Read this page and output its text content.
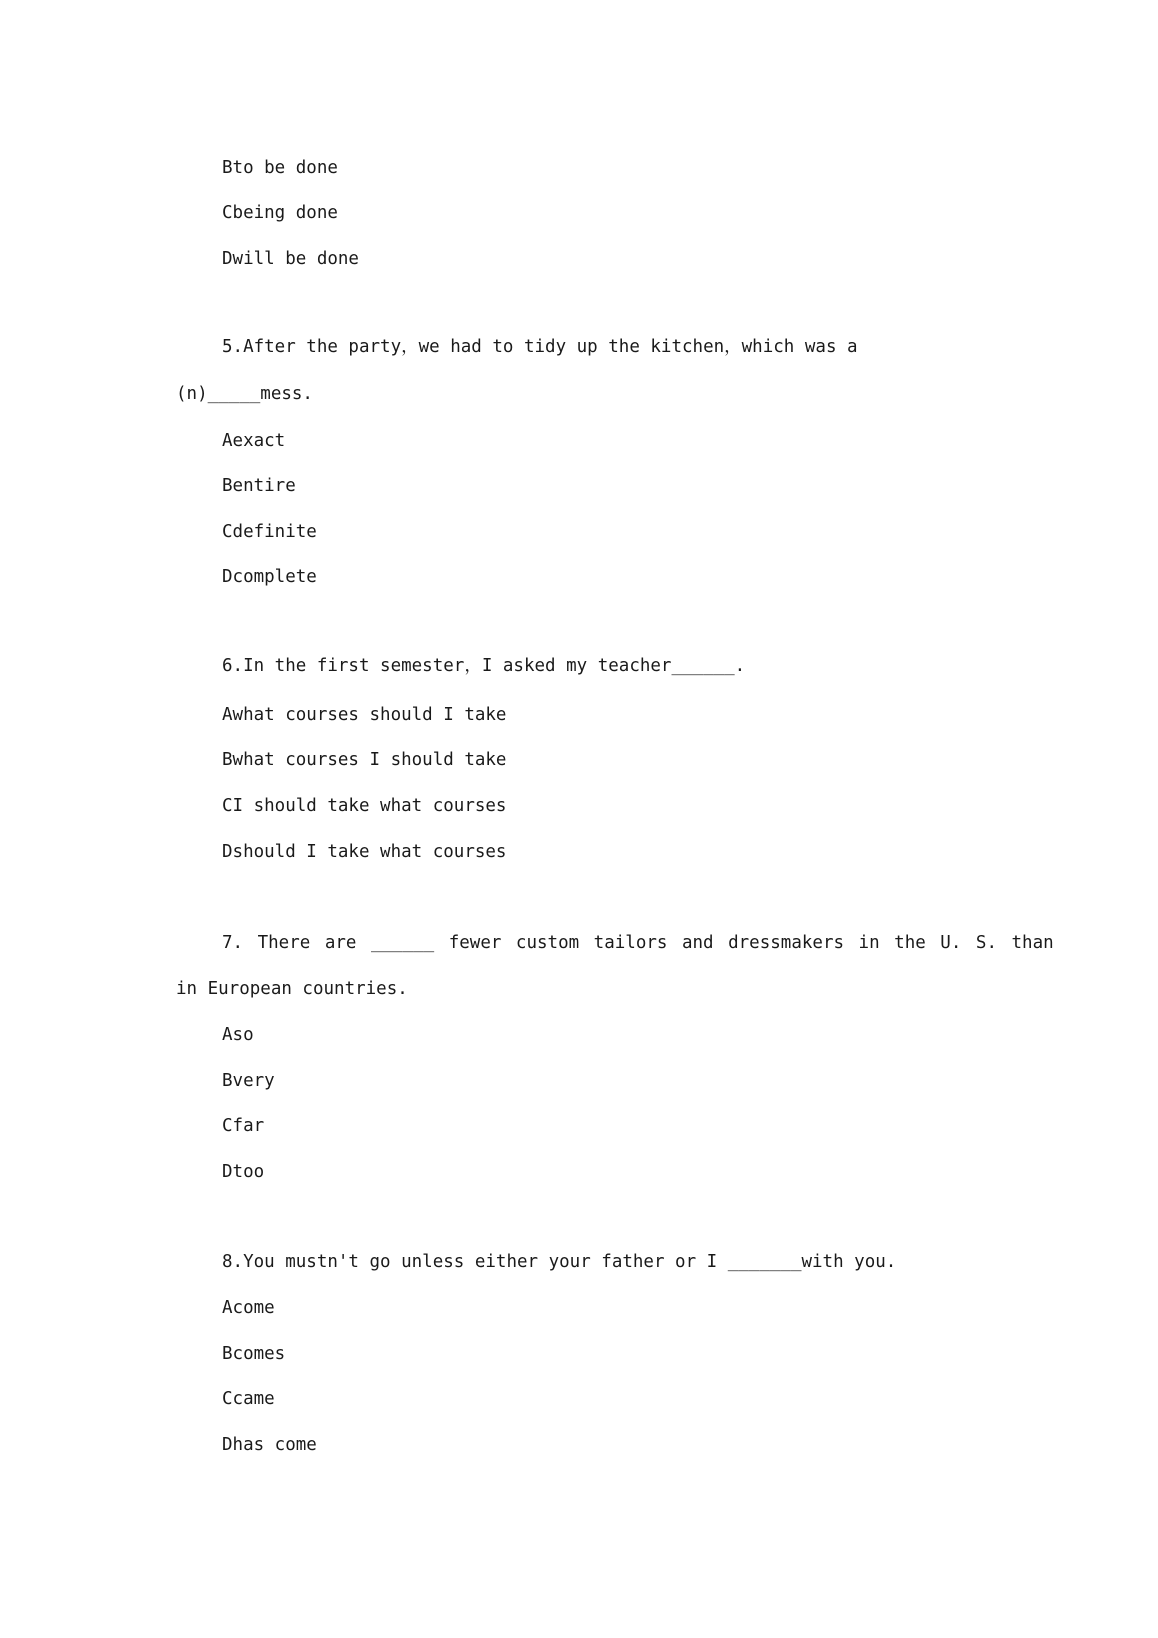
Bto be done
Cbeing done
Dwill be done
5.After the party，we had to tidy up the kitchen，which was a
(n)_____mess.
Aexact
Bentire
Cdefinite
Dcomplete
6.In the first semester，I asked my teacher______.
Awhat courses should I take
Bwhat courses I should take
CI should take what courses
Dshould I take what courses
7. There are ______ fewer custom tailors and dressmakers in the U. S. than
in European countries.
Aso
Bvery
Cfar
Dtoo
8.You mustn't go unless either your father or I _______with you.
Acome
Bcomes
Ccame
Dhas come
